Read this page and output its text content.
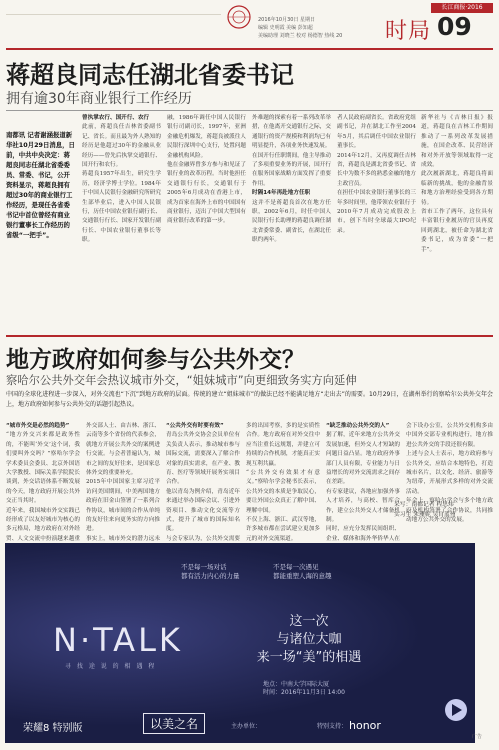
长江商报·2016
2016年10月30日 星期日
编辑 史明霞 美编 彭知超
美编助理 刘晓兰 校对 杨德智 热线 20	时局 09
蒋超良同志任湖北省委书记
拥有逾30年商业银行工作经历
南都讯 记者谢涵报道新华社10月29日消息，日前，中共中央决定：蒋超良同志任湖北省委委员、常委、书记，公开资料显示，蒋超良拥有超过30年的商业银行工作经历，是现任各省委书记中首位曾经有商业银行董事长工作经历的省级“一把手”。

曾执掌农行、国开行、农行

此前，蒋超良任吉林省委副书记、省长。而且最为外人熟知的经历是他超过30年的金融从业经历——曾先后执掌交通银行、国开行和农行。

蒋超良1957年出生，研究生学历，经济学博士学位。1984年于中国人民银行金融研究所研究生部毕业后，进入中国人民银行，历任中国农业银行副行长、交通银行行长、国家开发银行副行长、中国农业银行董事长等职。

融，1986年调任中国人民银行银行司副司长，1997年，亚洲金融危机爆发，蒋超良被派往人民银行深圳中心支行，处置问题金融机构风险。

他在金融界曾多方参与和见证了银行业的改革历程。当时他担任交通银行行长，交通银行于2005年6月成功在香港上市，成为首家在海外上市的中国国有商业银行，迈出了中国大型国有商业银行改革的第一步。

外难题的探索有着一系列改革举措，在他离开交通银行之际，交通银行的资产规模和利润均已有明显提升，各项业务快速发展。

在国开行任职期间，他主导推动了多项重要业务的开展，国开行在服务国家战略方面发挥了重要作用。

时隔14年再赴地方任职

这并不是蒋超良首次在地方任职，2002年6月，时任中国人民银行行长助理的蒋超良调任湖北省委常委、副省长，在湖北任职约两年。

者人民政府副省长。省政府党组副书记，并在湖北工作至2004年5月，其后调任中国农业银行董事长。

2014年12月，又再度调任吉林省，蒋超良是湖北省委书记、省长中为数不多的熟悉金融的地方主政官员。

在担任中国农业银行董事长的三年多时间里，他带领农业银行于2010年7月成功完成股改上市，创下当时全球最大IPO纪录。

新华社与《吉林日报》报道，蒋超良在吉林工作期间推动了一系列改革发展措施，在国企改革、民营经济和对外开放等领域取得一定成效。

此次履新湖北，蒋超良将面临新的挑战，他的金融背景和地方治理经验受到各方期待。

省市工作了两年，这位具有丰富银行业履历的官员再度回到湖北，被任命为湖北省委书记，成为省委“一把手”。

地方政府如何参与公共外交？
察哈尔公共外交年会热议城市外交，“姐妹城市”向更细致务实方向延伸
中国的全球化进程进一步深入，对外交流也“下沉”到地方政府的层面。传统的建立“姐妹城市”的做法已经不能满足地方“走出去”的需要。10月29日，在湖州举行的察哈尔公共外交年会上，地方政府如何参与公共外交的话题引起热议。

“城市外交是必然的趋势”

“地方外交兴来都是政务性的，不能叫‘外交’这个词，我们要叫外交吗？”察哈尔学会学术委员会委员、北京外国语大学教授、国际关系学院院长谈到，外交话语体系不断发展的今天，地方政府开展公共外交正当其时。

近年来，我国城市外交实践已经形成了以友好城市为核心的多元格局，地方政府在对外经贸、人文交流中扮演越来越重

外交部人士、由吉林、浙江、云南等多个省份的代表参会，就地方开展公共外交的案例进行交流。与会者普遍认为，城市之间的友好往来，是国家总体外交的重要补充。

2015年中国国家主席习近平访问美国期间，中美两国地方政府在旧金山签署了一系列合作协议，城市间的合作从单纯的友好往来向更务实的方向推进。

事实上，城市外交的潜力远未

“公共外交有时要有效”

青岛公共外交协会会员单位有关负责人表示，推动城市参与国际交流，需要深入了解合作对象的真实需求，在产业、教育、医疗等领域开展务实项目合作。

他以青岛为例介绍，青岛近年来通过举办国际会议、引进外资项目、推动文化交流等方式，提升了城市的国际知名度。

与会专家认为，公共外交需要

多的出国考察，多的是实质性合作。地方政府在对外交往中应当注重长远规划，并建立可持续的合作机制，才能真正实现互利共赢。

“公共外交有效果才有意义。”察哈尔学会秘书长表示，公共外交的本质是争取民心，要让外国公众真正了解中国、理解中国。

不仅上海、浙江、武汉等地，许多城市都在尝试建立更加多元的对外交流渠道。

“缺乏推动公共外交的人”

据了解，近年来地方公共外交发展加速，但外交人才短缺的问题日益凸显。地方政府外事部门人员有限，专业能力与日益增长的对外交流需求之间存在差距。

有专家建议，各地应加强外事人才培养，与高校、智库合作，建立公共外交人才储备机制。

同时，应充分发挥民间组织、企业、媒体和海外华侨华人在

会下设办公室，公共外交机构多由中国外交部专业机构进行，地方推进公共外交的手段还很有限。

上述与会人士表示，地方政府参与公共外交，应结合本地特色，打造城市名片，以文化、经济、旅游等为纽带，开展形式多样的对外交流活动。

年会上，察哈尔学会与多个地方政府及机构签署了合作协议，共同推动地方公共外交的发展。

采写：南都记者 程思炜
实习生 朱珊妮 吴自蓝州
不是每一场对话
都有活力内心的力量
不是每一次遇见
都能重塑人海的意趣
N·TALK
寻 找 途 说 的 相 遇 程
这一次
与诸位大咖
来一场“美”的相遇
地点：中南大学国际大厦
时间：2016年11月3日 14:00
荣耀8 特别版	以美之名	主办单位：	特别支持： honor
广告
